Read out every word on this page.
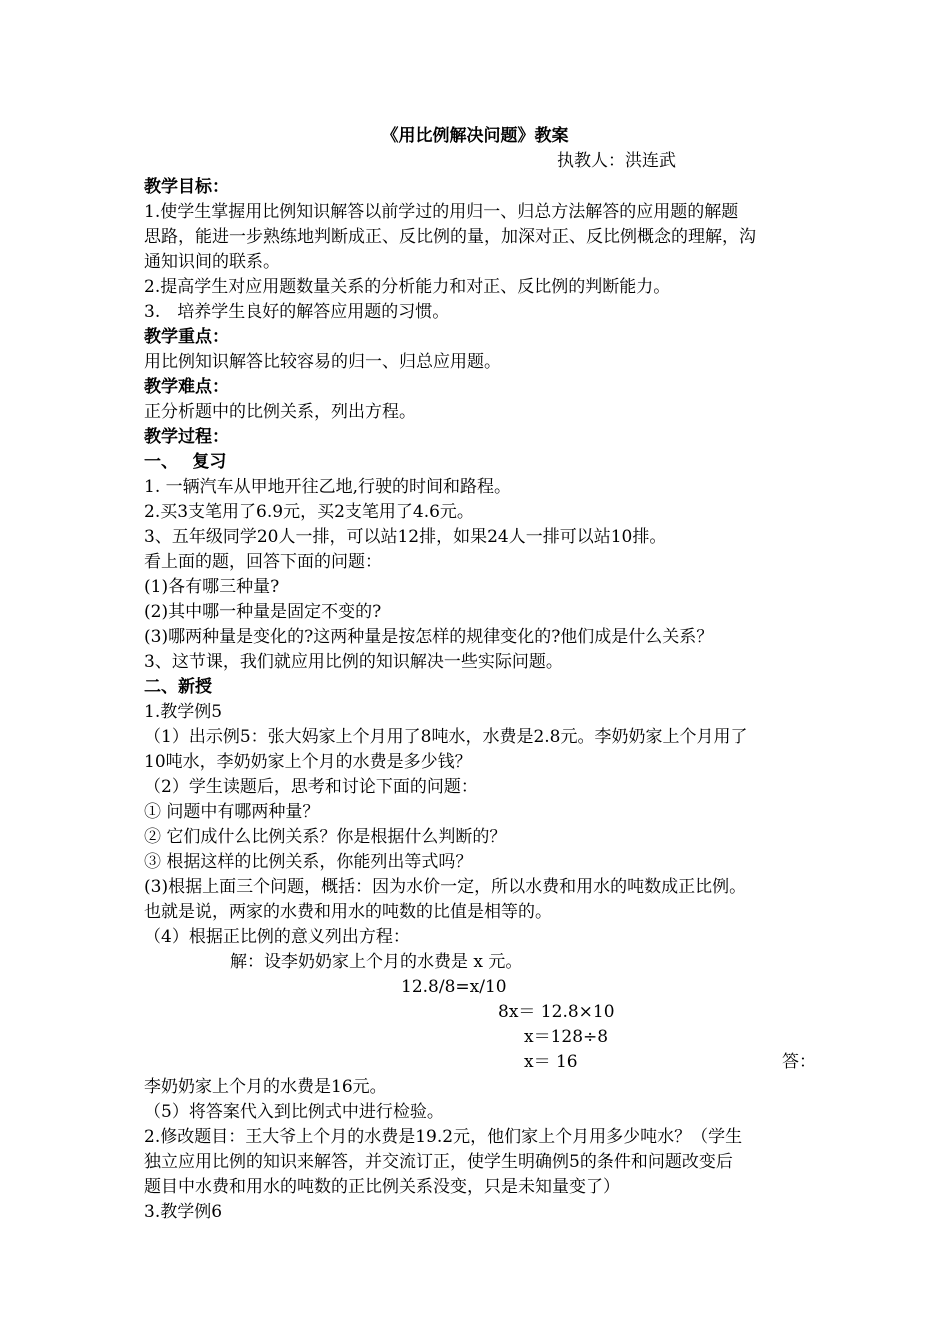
《用比例解决问题》教案
执教人：洪连武

教学目标：

1.使学生掌握用比例知识解答以前学过的用归一、归总方法解答的应用题的解题

思路，能进一步熟练地判断成正、反比例的量，加深对正、反比例概念的理解，沟

通知识间的联系。

2.提高学生对应用题数量关系的分析能力和对正、反比例的判断能力。

3.　培养学生良好的解答应用题的习惯。

教学重点：

用比例知识解答比较容易的归一、归总应用题。

教学难点：

正分析题中的比例关系，列出方程。

教学过程：

一、　 复习

1. 一辆汽车从甲地开往乙地,行驶的时间和路程。

2.买3支笔用了6.9元，买2支笔用了4.6元。

3、五年级同学20人一排，可以站12排，如果24人一排可以站10排。

看上面的题，回答下面的问题：

(1)各有哪三种量?

(2)其中哪一种量是固定不变的?

(3)哪两种量是变化的?这两种量是按怎样的规律变化的?他们成是什么关系？

3、这节课，我们就应用比例的知识解决一些实际问题。

二、新授

1.教学例5

（1）出示例5：张大妈家上个月用了8吨水，水费是2.8元。李奶奶家上个月用了

10吨水，李奶奶家上个月的水费是多少钱？

（2）学生读题后，思考和讨论下面的问题：

① 问题中有哪两种量？

② 它们成什么比例关系？你是根据什么判断的？

③ 根据这样的比例关系，你能列出等式吗？

(3)根据上面三个问题，概括：因为水价一定，所以水费和用水的吨数成正比例。

也就是说，两家的水费和用水的吨数的比值是相等的。

（4）根据正比例的意义列出方程：

解：设李奶奶家上个月的水费是 x 元。

12.8/8=x/10

8x＝ 12.8×10

x＝128÷8

x＝ 16	答：

李奶奶家上个月的水费是16元。

（5）将答案代入到比例式中进行检验。

2.修改题目：王大爷上个月的水费是19.2元，他们家上个月用多少吨水？（学生

独立应用比例的知识来解答，并交流订正，使学生明确例5的条件和问题改变后

题目中水费和用水的吨数的正比例关系没变，只是未知量变了）

3.教学例6
